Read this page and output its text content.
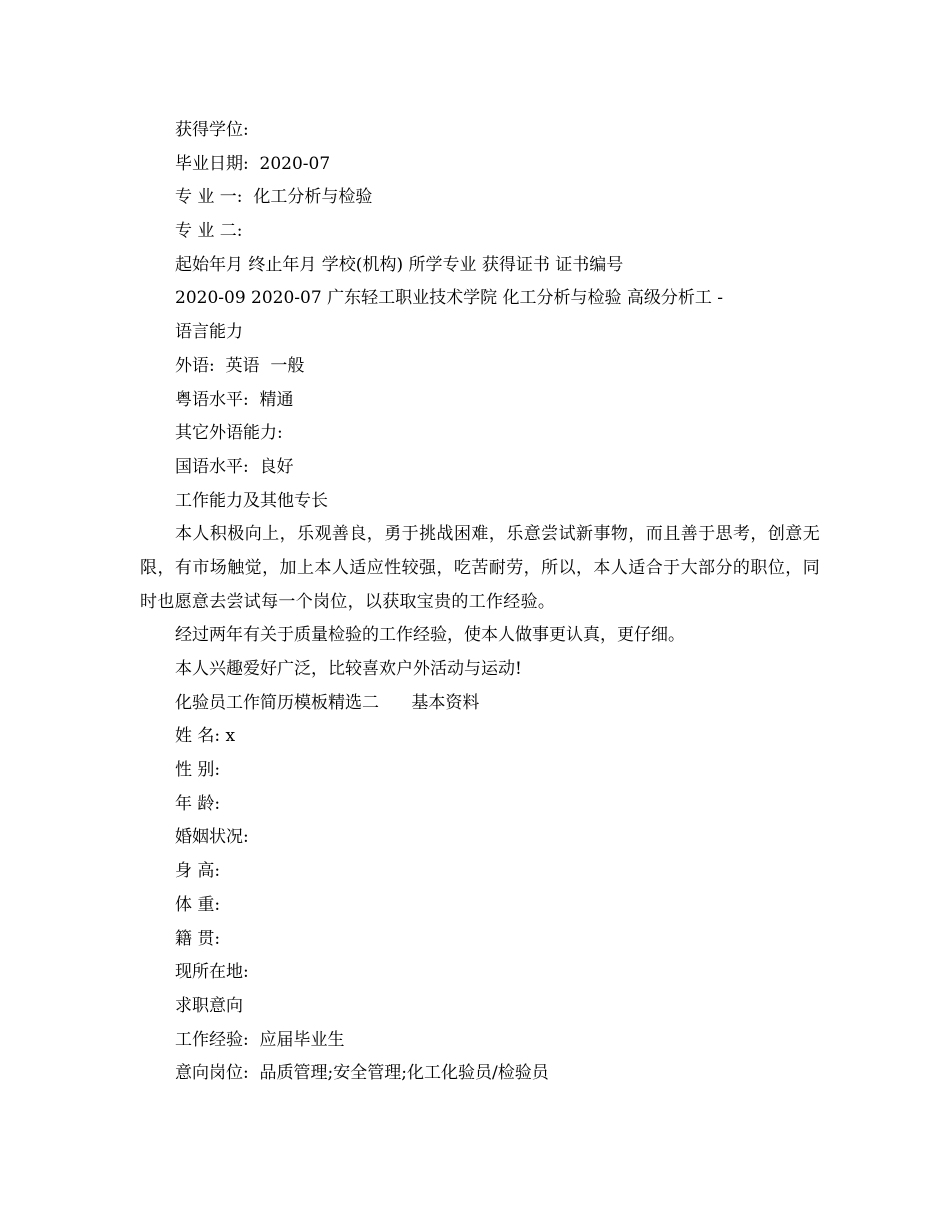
获得学位:
毕业日期:  2020-07
专 业 一:  化工分析与检验
专 业 二:
起始年月 终止年月 学校(机构) 所学专业 获得证书 证书编号
2020-09 2020-07 广东轻工职业技术学院 化工分析与检验 高级分析工 -
语言能力
外语:  英语  一般
粤语水平:  精通
其它外语能力:
国语水平:  良好
工作能力及其他专长

本人积极向上，乐观善良，勇于挑战困难，乐意尝试新事物，而且善于思考，创意无限，有市场触觉，加上本人适应性较强，吃苦耐劳，所以，本人适合于大部分的职位，同时也愿意去尝试每一个岗位，以获取宝贵的工作经验。

经过两年有关于质量检验的工作经验，使本人做事更认真，更仔细。
本人兴趣爱好广泛，比较喜欢户外活动与运动!
化验员工作简历模板精选二      基本资料
姓 名: x
性 别:
年 龄:
婚姻状况:
身 高:
体 重:
籍 贯:
现所在地:
求职意向
工作经验:  应届毕业生
意向岗位:  品质管理;安全管理;化工化验员/检验员
